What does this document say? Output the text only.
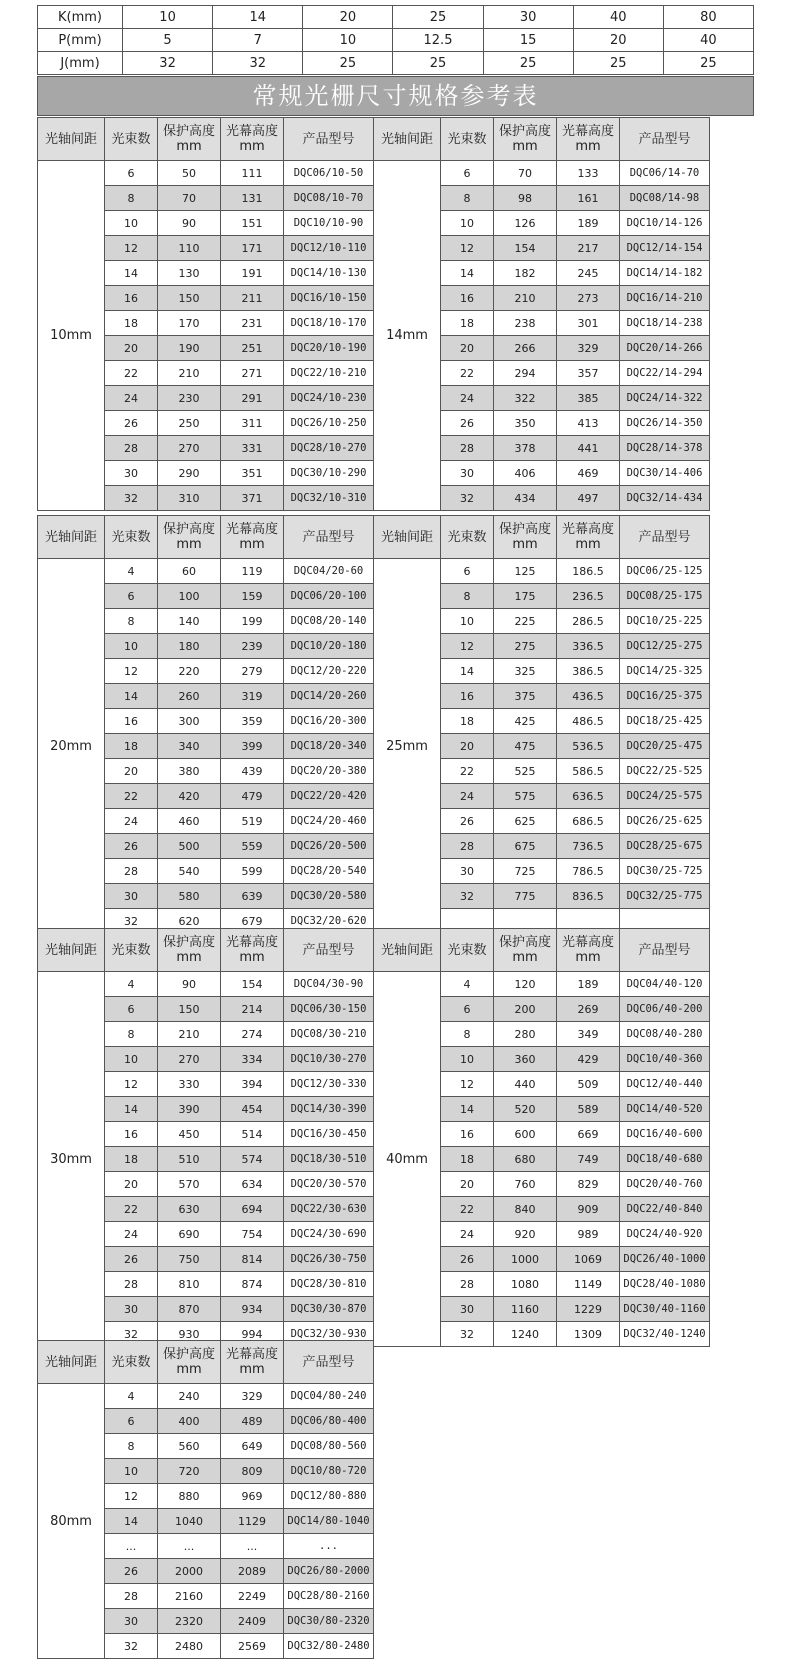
K(mm)	10	14	20	25	30	40	80
P(mm)	5	7	10	12.5	15	20	40
J(mm)	32	32	25	25	25	25	25
常规光栅尺寸规格参考表
光轴间距	光束数	保护高度mm	光幕高度mm	产品型号
10mm	6	50	111	DQC06/10-50
	8	70	131	DQC08/10-70
	10	90	151	DQC10/10-90
	12	110	171	DQC12/10-110
	14	130	191	DQC14/10-130
	16	150	211	DQC16/10-150
	18	170	231	DQC18/10-170
	20	190	251	DQC20/10-190
	22	210	271	DQC22/10-210
	24	230	291	DQC24/10-230
	26	250	311	DQC26/10-250
	28	270	331	DQC28/10-270
	30	290	351	DQC30/10-290
	32	310	371	DQC32/10-310
光轴间距	光束数	保护高度mm	光幕高度mm	产品型号
14mm	6	70	133	DQC06/14-70
	8	98	161	DQC08/14-98
	10	126	189	DQC10/14-126
	12	154	217	DQC12/14-154
	14	182	245	DQC14/14-182
	16	210	273	DQC16/14-210
	18	238	301	DQC18/14-238
	20	266	329	DQC20/14-266
	22	294	357	DQC22/14-294
	24	322	385	DQC24/14-322
	26	350	413	DQC26/14-350
	28	378	441	DQC28/14-378
	30	406	469	DQC30/14-406
	32	434	497	DQC32/14-434
光轴间距	光束数	保护高度mm	光幕高度mm	产品型号
20mm	4	60	119	DQC04/20-60
	6	100	159	DQC06/20-100
	8	140	199	DQC08/20-140
	10	180	239	DQC10/20-180
	12	220	279	DQC12/20-220
	14	260	319	DQC14/20-260
	16	300	359	DQC16/20-300
	18	340	399	DQC18/20-340
	20	380	439	DQC20/20-380
	22	420	479	DQC22/20-420
	24	460	519	DQC24/20-460
	26	500	559	DQC26/20-500
	28	540	599	DQC28/20-540
	30	580	639	DQC30/20-580
	32	620	679	DQC32/20-620
光轴间距	光束数	保护高度mm	光幕高度mm	产品型号
25mm	6	125	186.5	DQC06/25-125
	8	175	236.5	DQC08/25-175
	10	225	286.5	DQC10/25-225
	12	275	336.5	DQC12/25-275
	14	325	386.5	DQC14/25-325
	16	375	436.5	DQC16/25-375
	18	425	486.5	DQC18/25-425
	20	475	536.5	DQC20/25-475
	22	525	586.5	DQC22/25-525
	24	575	636.5	DQC24/25-575
	26	625	686.5	DQC26/25-625
	28	675	736.5	DQC28/25-675
	30	725	786.5	DQC30/25-725
	32	775	836.5	DQC32/25-775

光轴间距	光束数	保护高度mm	光幕高度mm	产品型号
30mm	4	90	154	DQC04/30-90
	6	150	214	DQC06/30-150
	8	210	274	DQC08/30-210
	10	270	334	DQC10/30-270
	12	330	394	DQC12/30-330
	14	390	454	DQC14/30-390
	16	450	514	DQC16/30-450
	18	510	574	DQC18/30-510
	20	570	634	DQC20/30-570
	22	630	694	DQC22/30-630
	24	690	754	DQC24/30-690
	26	750	814	DQC26/30-750
	28	810	874	DQC28/30-810
	30	870	934	DQC30/30-870
	32	930	994	DQC32/30-930
光轴间距	光束数	保护高度mm	光幕高度mm	产品型号
40mm	4	120	189	DQC04/40-120
	6	200	269	DQC06/40-200
	8	280	349	DQC08/40-280
	10	360	429	DQC10/40-360
	12	440	509	DQC12/40-440
	14	520	589	DQC14/40-520
	16	600	669	DQC16/40-600
	18	680	749	DQC18/40-680
	20	760	829	DQC20/40-760
	22	840	909	DQC22/40-840
	24	920	989	DQC24/40-920
	26	1000	1069	DQC26/40-1000
	28	1080	1149	DQC28/40-1080
	30	1160	1229	DQC30/40-1160
	32	1240	1309	DQC32/40-1240
光轴间距	光束数	保护高度mm	光幕高度mm	产品型号
80mm	4	240	329	DQC04/80-240
	6	400	489	DQC06/80-400
	8	560	649	DQC08/80-560
	10	720	809	DQC10/80-720
	12	880	969	DQC12/80-880
	14	1040	1129	DQC14/80-1040
	...	...	...	...
	26	2000	2089	DQC26/80-2000
	28	2160	2249	DQC28/80-2160
	30	2320	2409	DQC30/80-2320
	32	2480	2569	DQC32/80-2480
